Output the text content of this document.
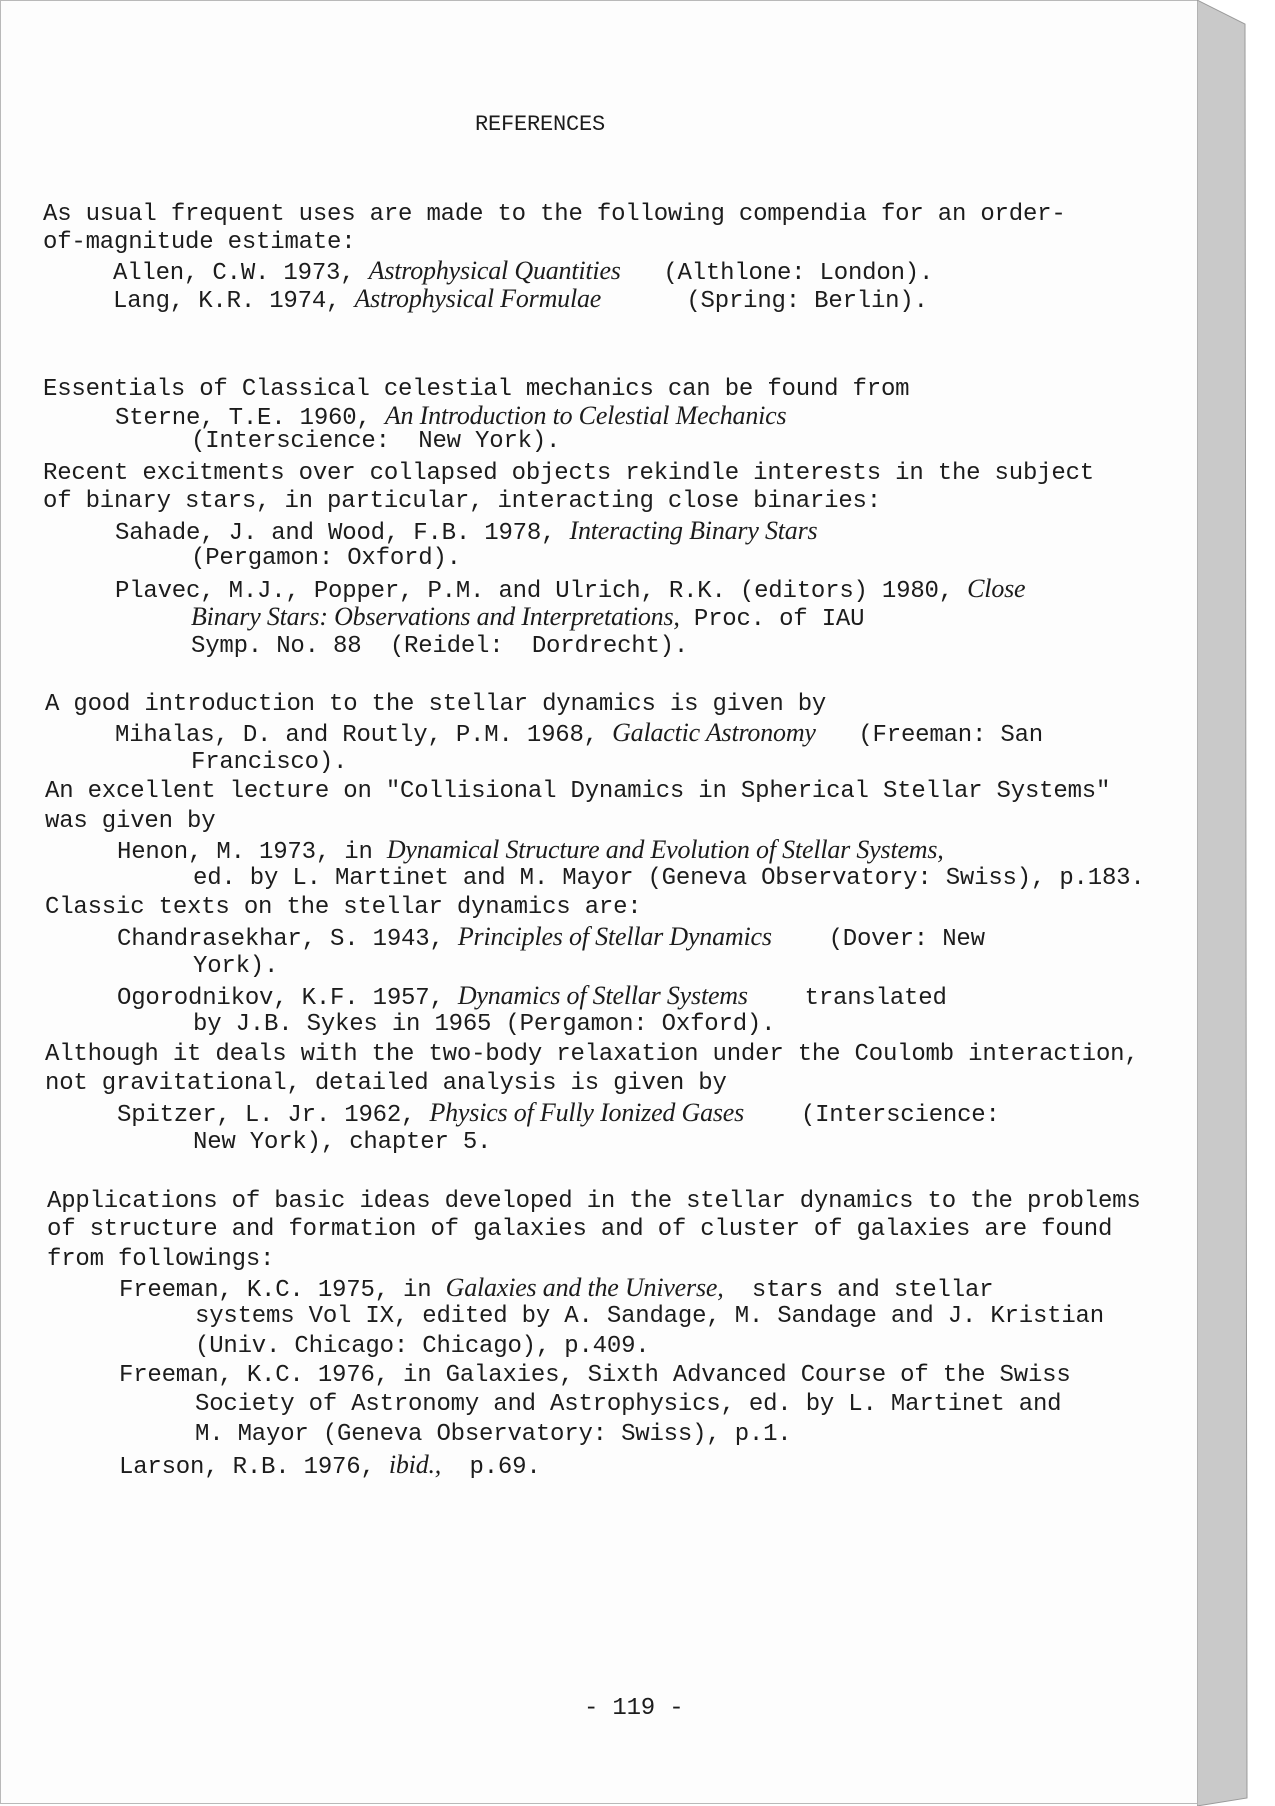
REFERENCES
As usual frequent uses are made to the following compendia for an order-
of-magnitude estimate:
Allen, C.W. 1973, Astrophysical Quantities   (Althlone: London).
Lang, K.R. 1974, Astrophysical Formulae      (Spring: Berlin).
Essentials of Classical celestial mechanics can be found from
Sterne, T.E. 1960, An Introduction to Celestial Mechanics
(Interscience:  New York).
Recent excitments over collapsed objects rekindle interests in the subject
of binary stars, in particular, interacting close binaries:
Sahade, J. and Wood, F.B. 1978, Interacting Binary Stars
(Pergamon: Oxford).
Plavec, M.J., Popper, P.M. and Ulrich, R.K. (editors) 1980, Close
Binary Stars: Observations and Interpretations, Proc. of IAU
Symp. No. 88  (Reidel:  Dordrecht).
A good introduction to the stellar dynamics is given by
Mihalas, D. and Routly, P.M. 1968, Galactic Astronomy   (Freeman: San
Francisco).
An excellent lecture on "Collisional Dynamics in Spherical Stellar Systems"
was given by
Henon, M. 1973, in Dynamical Structure and Evolution of Stellar Systems,
ed. by L. Martinet and M. Mayor (Geneva Observatory: Swiss), p.183.
Classic texts on the stellar dynamics are:
Chandrasekhar, S. 1943, Principles of Stellar Dynamics    (Dover: New
York).
Ogorodnikov, K.F. 1957, Dynamics of Stellar Systems    translated
by J.B. Sykes in 1965 (Pergamon: Oxford).
Although it deals with the two-body relaxation under the Coulomb interaction,
not gravitational, detailed analysis is given by
Spitzer, L. Jr. 1962, Physics of Fully Ionized Gases    (Interscience:
New York), chapter 5.
Applications of basic ideas developed in the stellar dynamics to the problems
of structure and formation of galaxies and of cluster of galaxies are found
from followings:
Freeman, K.C. 1975, in Galaxies and the Universe,  stars and stellar
systems Vol IX, edited by A. Sandage, M. Sandage and J. Kristian
(Univ. Chicago: Chicago), p.409.
Freeman, K.C. 1976, in Galaxies, Sixth Advanced Course of the Swiss
Society of Astronomy and Astrophysics, ed. by L. Martinet and
M. Mayor (Geneva Observatory: Swiss), p.1.
Larson, R.B. 1976, ibid.,  p.69.
- 119 -
